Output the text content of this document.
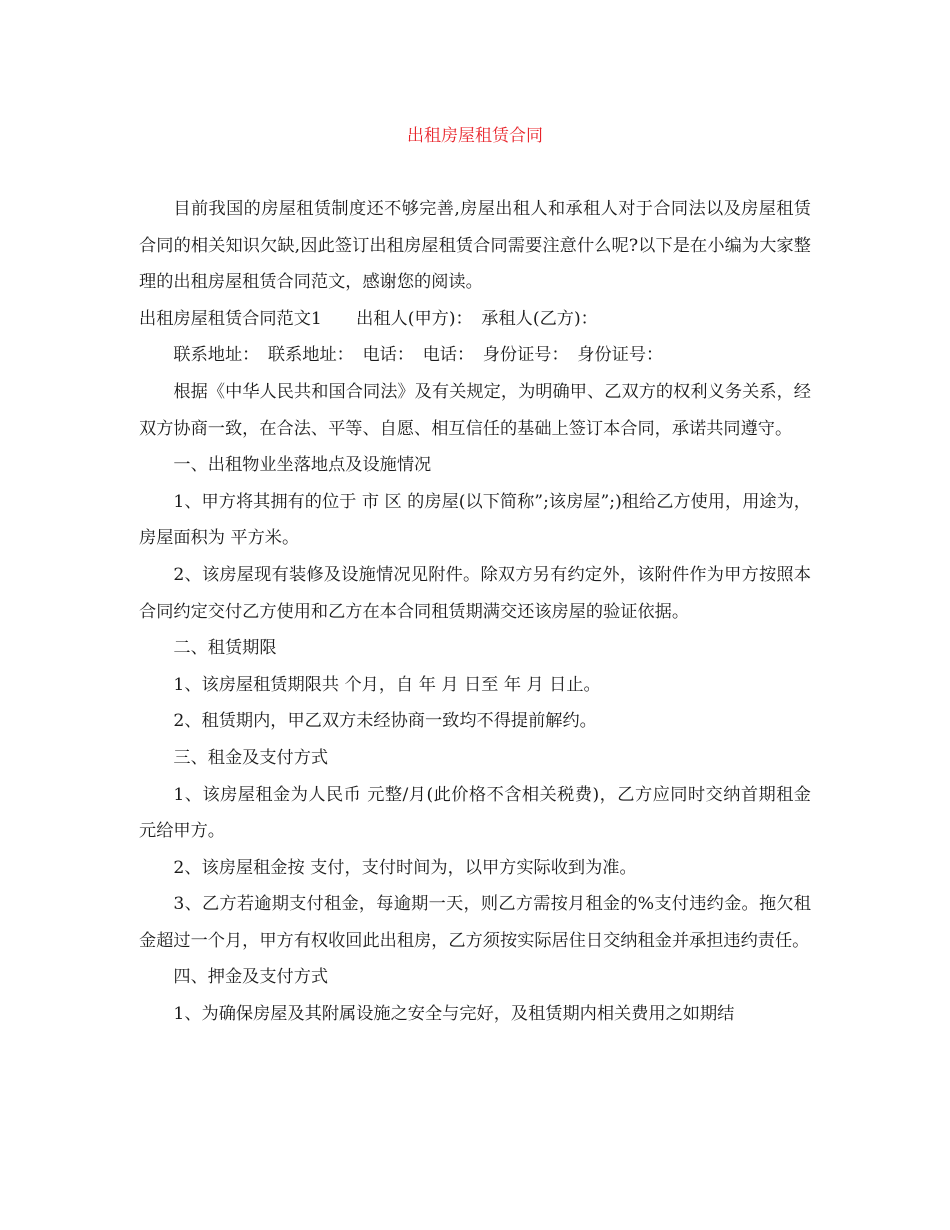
出租房屋租赁合同

目前我国的房屋租赁制度还不够完善,房屋出租人和承租人对于合同法以及房屋租赁合同的相关知识欠缺,因此签订出租房屋租赁合同需要注意什么呢?以下是在小编为大家整理的出租房屋租赁合同范文，感谢您的阅读。

出租房屋租赁合同范文1　　出租人(甲方)：　承租人(乙方)：

联系地址：　联系地址：　电话：　电话：　身份证号：　身份证号：

根据《中华人民共和国合同法》及有关规定，为明确甲、乙双方的权利义务关系，经双方协商一致，在合法、平等、自愿、相互信任的基础上签订本合同，承诺共同遵守。

一、出租物业坐落地点及设施情况

1、甲方将其拥有的位于 市 区 的房屋(以下简称”;该房屋”;)租给乙方使用，用途为，房屋面积为 平方米。

2、该房屋现有装修及设施情况见附件。除双方另有约定外，该附件作为甲方按照本合同约定交付乙方使用和乙方在本合同租赁期满交还该房屋的验证依据。

二、租赁期限

1、该房屋租赁期限共 个月，自 年 月 日至 年 月 日止。

2、租赁期内，甲乙双方未经协商一致均不得提前解约。

三、租金及支付方式

1、该房屋租金为人民币 元整/月(此价格不含相关税费)，乙方应同时交纳首期租金 元给甲方。

2、该房屋租金按 支付，支付时间为，以甲方实际收到为准。

3、乙方若逾期支付租金，每逾期一天，则乙方需按月租金的%支付违约金。拖欠租金超过一个月，甲方有权收回此出租房，乙方须按实际居住日交纳租金并承担违约责任。

四、押金及支付方式

1、为确保房屋及其附属设施之安全与完好，及租赁期内相关费用之如期结
